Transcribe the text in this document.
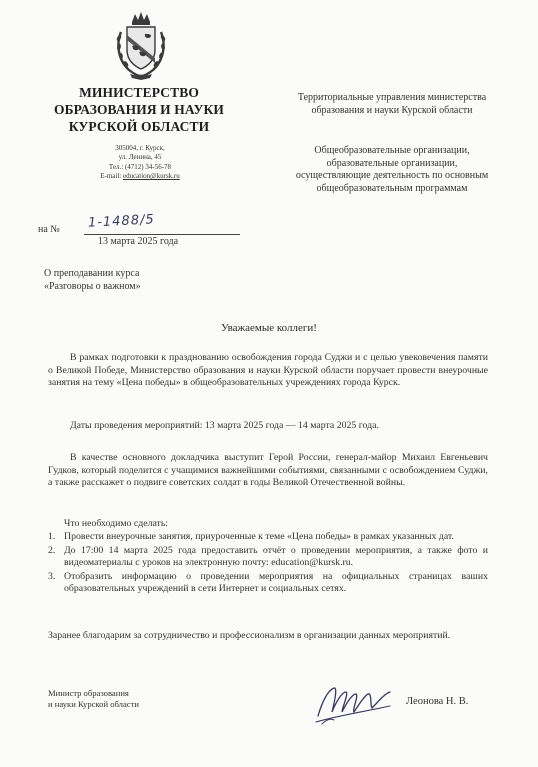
МИНИСТЕРСТВО
ОБРАЗОВАНИЯ И НАУКИ
КУРСКОЙ ОБЛАСТИ
305004, г. Курск,
ул. Ленина, 45
Тел.: (4712) 34-56-78
E-mail: education@kursk.ru
Территориальные управления министерства образования и науки Курской области
Общеобразовательные организации, образовательные организации, осуществляющие деятельность по основным общеобразовательным программам
на № 1-1488/5
13 марта 2025 года
О преподавании курса
«Разговоры о важном»
Уважаемые коллеги!
В рамках подготовки к празднованию освобождения города Суджи и с целью увековечения памяти о Великой Победе, Министерство образования и науки Курской области поручает провести внеурочные занятия на тему «Цена победы» в общеобразовательных учреждениях города Курск.
Даты проведения мероприятий: 13 марта 2025 года — 14 марта 2025 года.
В качестве основного докладчика выступит Герой России, генерал-майор Михаил Евгеньевич Гудков, который поделится с учащимися важнейшими событиями, связанными с освобождением Суджи, а также расскажет о подвиге советских солдат в годы Великой Отечественной войны.
Что необходимо сделать:
1. Провести внеурочные занятия, приуроченные к теме «Цена победы» в рамках указанных дат.
2. До 17:00 14 марта 2025 года предоставить отчёт о проведении мероприятия, а также фото и видеоматериалы с уроков на электронную почту: education@kursk.ru.
3. Отобразить информацию о проведении мероприятия на официальных страницах ваших образовательных учреждений в сети Интернет и социальных сетях.
Заранее благодарим за сотрудничество и профессионализм в организации данных мероприятий.
Министр образования
и науки Курской области	Леонова Н. В.
